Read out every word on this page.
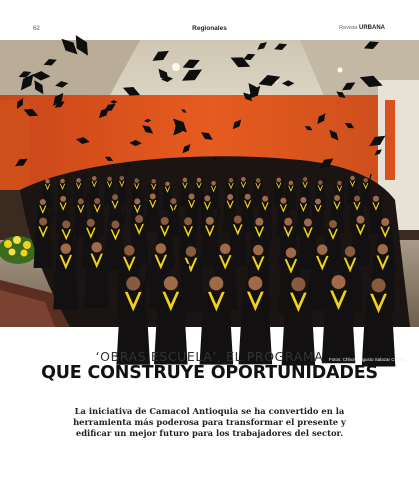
62	Regionales	Revista URBANA
Fotos: Chhon Augusto Salazar Correa
‘OBRAS ESCUELA’, EL PROGRAMA
QUE CONSTRUYE OPORTUNIDADES
La iniciativa de Camacol Antioquia se ha convertido en la
herramienta más poderosa para transformar el presente y
edificar un mejor futuro para los trabajadores del sector.
